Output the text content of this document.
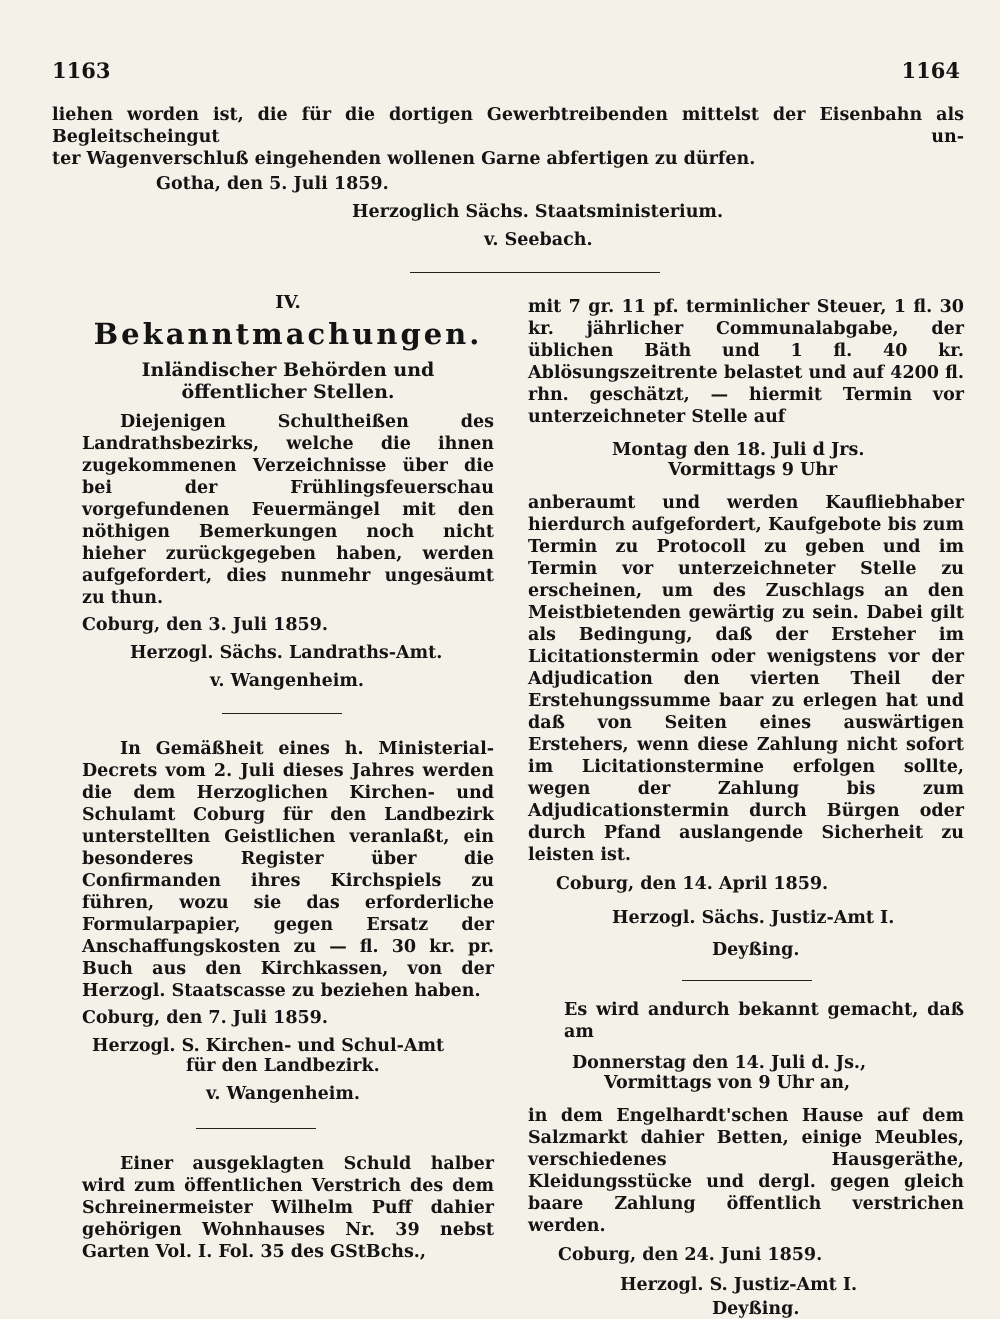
1163	1164
liehen worden ist, die für die dortigen Gewerbtreibenden mittelst der Eisenbahn als Begleitscheingut un-
ter Wagenverschluß eingehenden wollenen Garne abfertigen zu dürfen.
Gotha, den 5. Juli 1859.
Herzoglich Sächs. Staatsministerium.
v. Seebach.
IV.
Bekanntmachungen.
Inländischer Behörden und öffentlicher Stellen.
Diejenigen Schultheißen des Landrathsbezirks, welche die ihnen zugekommenen Verzeichnisse über die bei der Frühlingsfeuerschau vorgefundenen Feuermängel mit den nöthigen Bemerkungen noch nicht hieher zurückgegeben haben, werden aufgefordert, dies nunmehr ungesäumt zu thun.
Coburg, den 3. Juli 1859.
Herzogl. Sächs. Landraths-Amt.
v. Wangenheim.
In Gemäßheit eines h. Ministerial-Decrets vom 2. Juli dieses Jahres werden die dem Herzoglichen Kirchen- und Schulamt Coburg für den Landbezirk unterstellten Geistlichen veranlaßt, ein besonderes Register über die Confirmanden ihres Kirchspiels zu führen, wozu sie das erforderliche Formularpapier, gegen Ersatz der Anschaffungskosten zu — fl. 30 kr. pr. Buch aus den Kirchkassen, von der Herzogl. Staatscasse zu beziehen haben.
Coburg, den 7. Juli 1859.
Herzogl. S. Kirchen- und Schul-Amt
für den Landbezirk.
v. Wangenheim.
Einer ausgeklagten Schuld halber wird zum öffentlichen Verstrich des dem Schreinermeister Wilhelm Puff dahier gehörigen Wohnhauses Nr. 39 nebst Garten Vol. I. Fol. 35 des GStBchs.,
mit 7 gr. 11 pf. terminlicher Steuer, 1 fl. 30 kr. jährlicher Communalabgabe, der üblichen Bäth und 1 fl. 40 kr. Ablösungszeitrente belastet und auf 4200 fl. rhn. geschätzt, — hiermit Termin vor unterzeichneter Stelle auf
Montag den 18. Juli d Jrs.
Vormittags 9 Uhr
anberaumt und werden Kaufliebhaber hierdurch aufgefordert, Kaufgebote bis zum Termin zu Protocoll zu geben und im Termin vor unterzeichneter Stelle zu erscheinen, um des Zuschlags an den Meistbietenden gewärtig zu sein. Dabei gilt als Bedingung, daß der Ersteher im Licitationstermin oder wenigstens vor der Adjudication den vierten Theil der Erstehungssumme baar zu erlegen hat und daß von Seiten eines auswärtigen Erstehers, wenn diese Zahlung nicht sofort im Licitationstermine erfolgen sollte, wegen der Zahlung bis zum Adjudicationstermin durch Bürgen oder durch Pfand auslangende Sicherheit zu leisten ist.
Coburg, den 14. April 1859.
Herzogl. Sächs. Justiz-Amt I.
Deyßing.
Es wird andurch bekannt gemacht, daß am
Donnerstag den 14. Juli d. Js.,
Vormittags von 9 Uhr an,
in dem Engelhardt'schen Hause auf dem Salzmarkt dahier Betten, einige Meubles, verschiedenes Hausgeräthe, Kleidungsstücke und dergl. gegen gleich baare Zahlung öffentlich verstrichen werden.
Coburg, den 24. Juni 1859.
Herzogl. S. Justiz-Amt I.
Deyßing.
